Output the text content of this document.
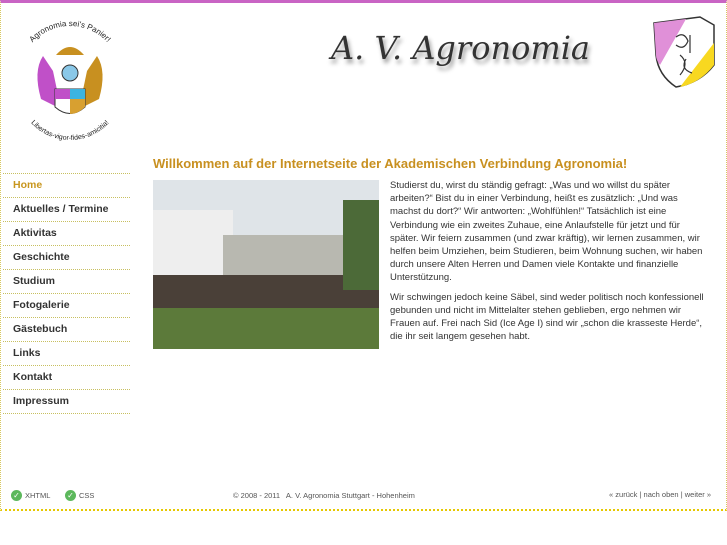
Agronomia sei's Panier!
Libertas-vigor-fides-amicitia!
A. V. Agronomia
Home
Aktuelles / Termine
Aktivitas
Geschichte
Studium
Fotogalerie
Gästebuch
Links
Kontakt
Impressum
Willkommen auf der Internetseite der Akademischen Verbindung Agronomia!

Studierst du, wirst du ständig gefragt: „Was und wo willst du später arbeiten?“ Bist du in einer Verbindung, heißt es zusätzlich: „Und was machst du dort?“ Wir antworten: „Wohlfühlen!“ Tatsächlich ist eine Verbindung wie ein zweites Zuhaue, eine Anlaufstelle für jetzt und für später. Wir feiern zusammen (und zwar kräftig), wir lernen zusammen, wir helfen beim Umziehen, beim Studieren, beim Wohnung suchen, wir haben durch unsere Alten Herren und Damen viele Kontakte und finanzielle Unterstützung.

Wir schwingen jedoch keine Säbel, sind weder politisch noch konfessionell gebunden und nicht im Mittelalter stehen geblieben, ergo nehmen wir Frauen auf. Frei nach Sid (Ice Age I) sind wir „schon die krasseste Herde“, die ihr seit langem gesehen habt.

✓ XHTML ✓ CSS	© 2008 - 2011   A. V. Agronomia Stuttgart - Hohenheim	« zurück | nach oben | weiter »
